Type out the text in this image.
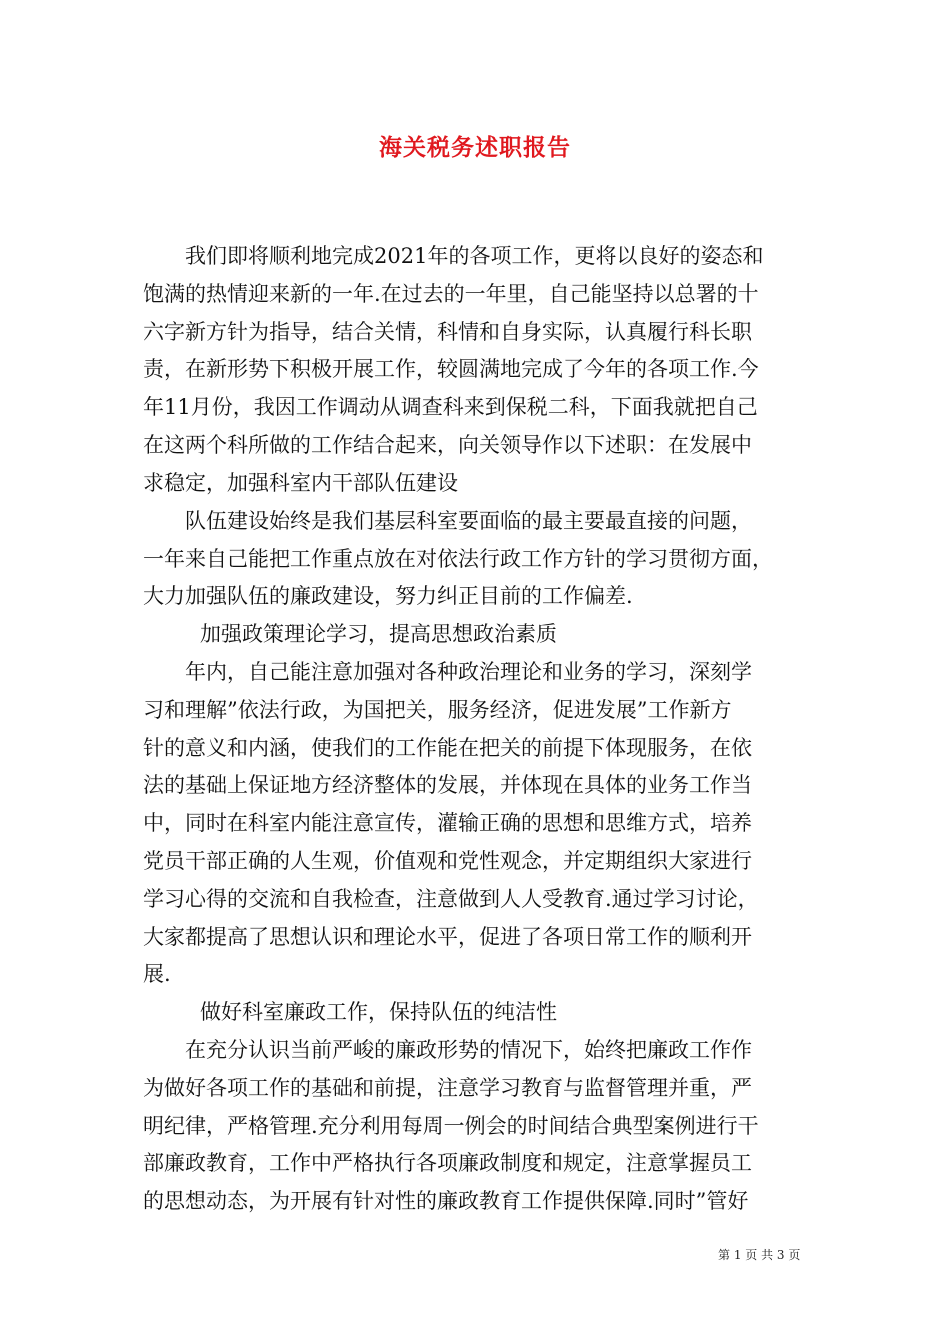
海关税务述职报告
我们即将顺利地完成2021年的各项工作，更将以良好的姿态和
饱满的热情迎来新的一年.在过去的一年里，自己能坚持以总署的十
六字新方针为指导，结合关情，科情和自身实际，认真履行科长职
责，在新形势下积极开展工作，较圆满地完成了今年的各项工作.今
年11月份，我因工作调动从调查科来到保税二科，下面我就把自己
在这两个科所做的工作结合起来，向关领导作以下述职：在发展中
求稳定，加强科室内干部队伍建设
队伍建设始终是我们基层科室要面临的最主要最直接的问题，
一年来自己能把工作重点放在对依法行政工作方针的学习贯彻方面，
大力加强队伍的廉政建设，努力纠正目前的工作偏差.
加强政策理论学习，提高思想政治素质
年内，自己能注意加强对各种政治理论和业务的学习，深刻学
习和理解”依法行政，为国把关，服务经济，促进发展”工作新方
针的意义和内涵，使我们的工作能在把关的前提下体现服务，在依
法的基础上保证地方经济整体的发展，并体现在具体的业务工作当
中，同时在科室内能注意宣传，灌输正确的思想和思维方式，培养
党员干部正确的人生观，价值观和党性观念，并定期组织大家进行
学习心得的交流和自我检查，注意做到人人受教育.通过学习讨论，
大家都提高了思想认识和理论水平，促进了各项日常工作的顺利开
展.
做好科室廉政工作，保持队伍的纯洁性
在充分认识当前严峻的廉政形势的情况下，始终把廉政工作作
为做好各项工作的基础和前提，注意学习教育与监督管理并重，严
明纪律，严格管理.充分利用每周一例会的时间结合典型案例进行干
部廉政教育，工作中严格执行各项廉政制度和规定，注意掌握员工
的思想动态，为开展有针对性的廉政教育工作提供保障.同时”管好
第 1 页 共 3 页
